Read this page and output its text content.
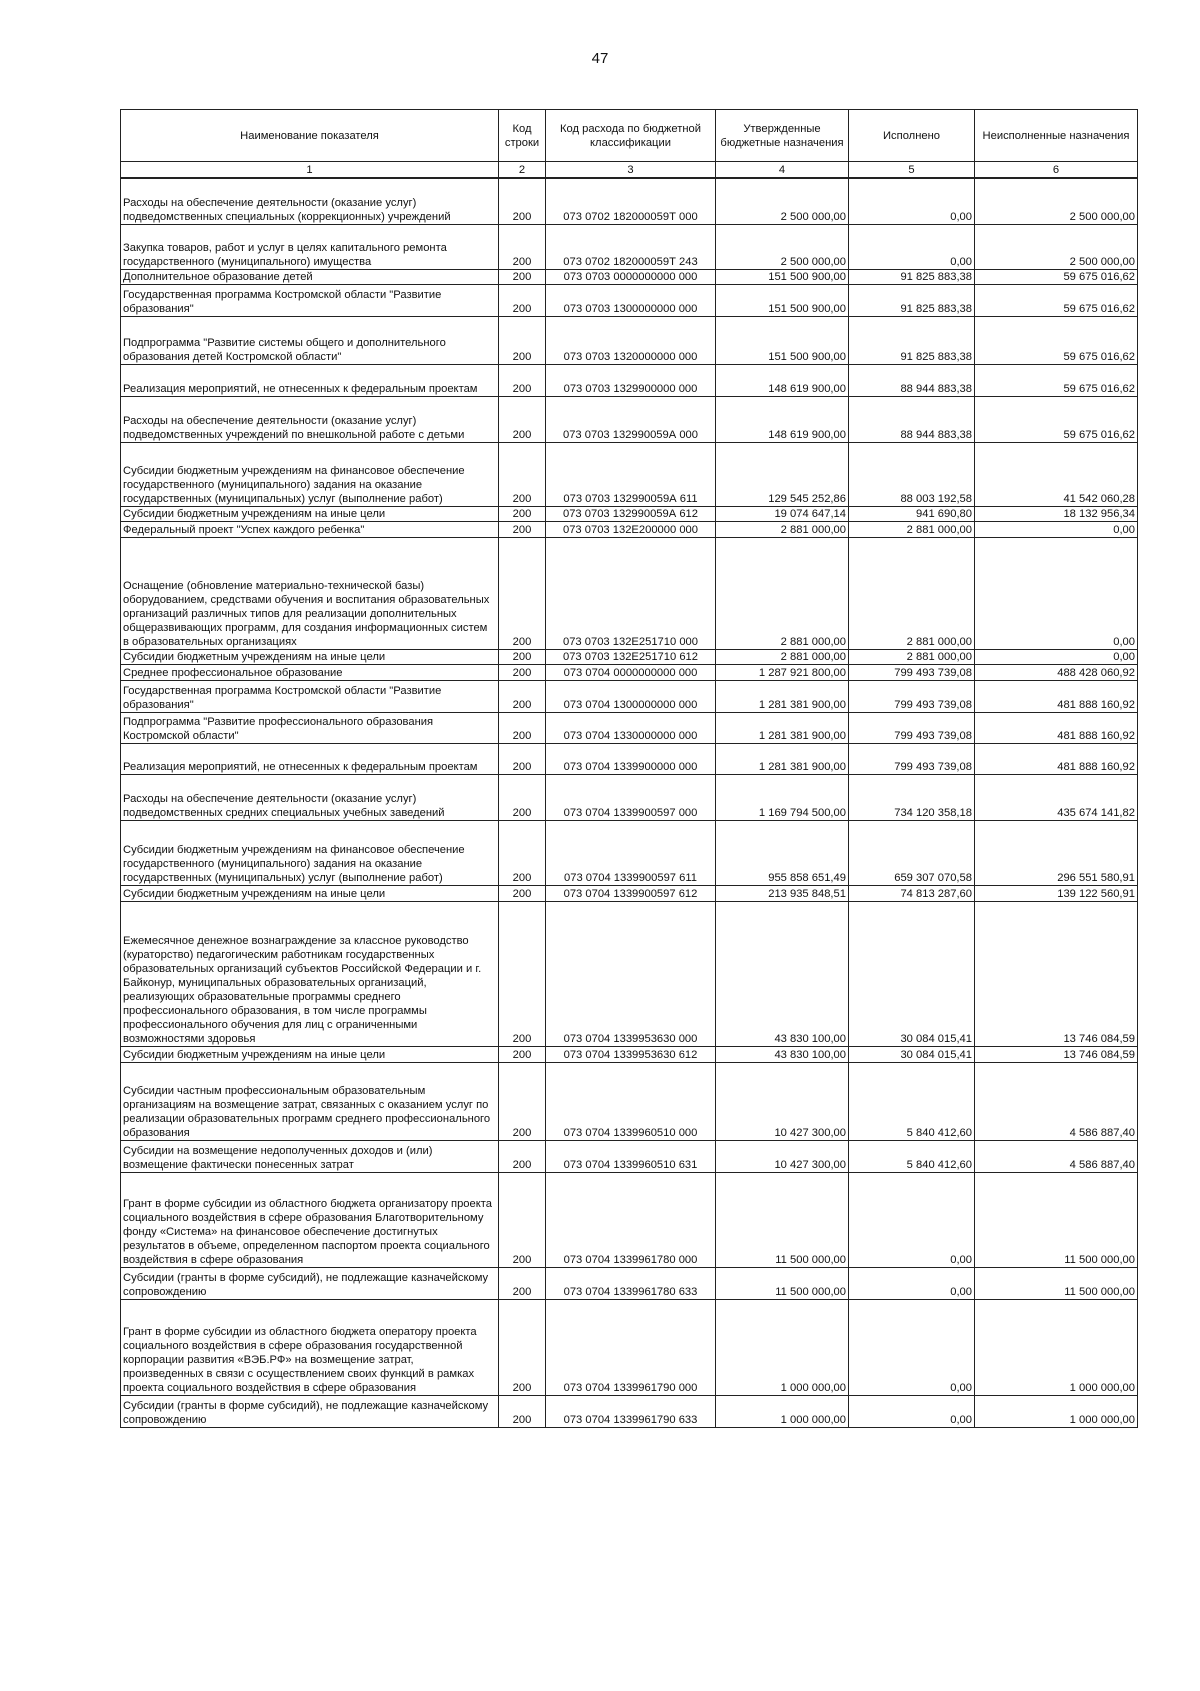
47
Наименование показателя	Код строки	Код расхода по бюджетной классификации	Утвержденные бюджетные назначения	Исполнено	Неисполненные назначения
1	2	3	4	5	6
Расходы на обеспечение деятельности (оказание услуг) подведомственных специальных (коррекционных) учреждений	200	073 0702 182000059Т 000	2 500 000,00	0,00	2 500 000,00
Закупка товаров, работ и услуг в целях капитального ремонта государственного (муниципального) имущества	200	073 0702 182000059Т 243	2 500 000,00	0,00	2 500 000,00
Дополнительное образование детей	200	073 0703 0000000000 000	151 500 900,00	91 825 883,38	59 675 016,62
Государственная программа Костромской области "Развитие образования"	200	073 0703 1300000000 000	151 500 900,00	91 825 883,38	59 675 016,62
Подпрограмма "Развитие системы общего и дополнительного образования детей Костромской области"	200	073 0703 1320000000 000	151 500 900,00	91 825 883,38	59 675 016,62
Реализация мероприятий, не отнесенных к федеральным проектам	200	073 0703 1329900000 000	148 619 900,00	88 944 883,38	59 675 016,62
Расходы на обеспечение деятельности (оказание услуг) подведомственных учреждений по внешкольной работе с детьми	200	073 0703 132990059А 000	148 619 900,00	88 944 883,38	59 675 016,62
Субсидии бюджетным учреждениям на финансовое обеспечение государственного (муниципального) задания на оказание государственных (муниципальных) услуг (выполнение работ)	200	073 0703 132990059А 611	129 545 252,86	88 003 192,58	41 542 060,28
Субсидии бюджетным учреждениям на иные цели	200	073 0703 132990059А 612	19 074 647,14	941 690,80	18 132 956,34
Федеральный проект "Успех каждого ребенка"	200	073 0703 132E200000 000	2 881 000,00	2 881 000,00	0,00
Оснащение (обновление материально-технической базы) оборудованием, средствами обучения и воспитания образовательных организаций различных типов для реализации дополнительных общеразвивающих программ, для создания информационных систем в образовательных организациях	200	073 0703 132E251710 000	2 881 000,00	2 881 000,00	0,00
Субсидии бюджетным учреждениям на иные цели	200	073 0703 132E251710 612	2 881 000,00	2 881 000,00	0,00
Среднее профессиональное образование	200	073 0704 0000000000 000	1 287 921 800,00	799 493 739,08	488 428 060,92
Государственная программа Костромской области "Развитие образования"	200	073 0704 1300000000 000	1 281 381 900,00	799 493 739,08	481 888 160,92
Подпрограмма "Развитие профессионального образования Костромской области"	200	073 0704 1330000000 000	1 281 381 900,00	799 493 739,08	481 888 160,92
Реализация мероприятий, не отнесенных к федеральным проектам	200	073 0704 1339900000 000	1 281 381 900,00	799 493 739,08	481 888 160,92
Расходы на обеспечение деятельности (оказание услуг) подведомственных средних специальных учебных заведений	200	073 0704 1339900597 000	1 169 794 500,00	734 120 358,18	435 674 141,82
Субсидии бюджетным учреждениям на финансовое обеспечение государственного (муниципального) задания на оказание государственных (муниципальных) услуг (выполнение работ)	200	073 0704 1339900597 611	955 858 651,49	659 307 070,58	296 551 580,91
Субсидии бюджетным учреждениям на иные цели	200	073 0704 1339900597 612	213 935 848,51	74 813 287,60	139 122 560,91
Ежемесячное денежное вознаграждение за классное руководство (кураторство) педагогическим работникам государственных образовательных организаций субъектов Российской Федерации и г. Байконур, муниципальных образовательных организаций, реализующих образовательные программы среднего профессионального образования, в том числе программы профессионального обучения для лиц с ограниченными возможностями здоровья	200	073 0704 1339953630 000	43 830 100,00	30 084 015,41	13 746 084,59
Субсидии бюджетным учреждениям на иные цели	200	073 0704 1339953630 612	43 830 100,00	30 084 015,41	13 746 084,59
Субсидии частным профессиональным образовательным организациям на возмещение затрат, связанных с оказанием услуг по реализации образовательных программ среднего профессионального образования	200	073 0704 1339960510 000	10 427 300,00	5 840 412,60	4 586 887,40
Субсидии на возмещение недополученных доходов и (или) возмещение фактически понесенных затрат	200	073 0704 1339960510 631	10 427 300,00	5 840 412,60	4 586 887,40
Грант в форме субсидии из областного бюджета организатору проекта социального воздействия в сфере образования Благотворительному фонду «Система» на финансовое обеспечение достигнутых результатов в объеме, определенном паспортом проекта социального воздействия в сфере образования	200	073 0704 1339961780 000	11 500 000,00	0,00	11 500 000,00
Субсидии (гранты в форме субсидий), не подлежащие казначейскому сопровождению	200	073 0704 1339961780 633	11 500 000,00	0,00	11 500 000,00
Грант в форме субсидии из областного бюджета оператору проекта социального воздействия в сфере образования государственной корпорации развития «ВЭБ.РФ» на возмещение затрат, произведенных в связи с осуществлением своих функций в рамках проекта социального воздействия в сфере образования	200	073 0704 1339961790 000	1 000 000,00	0,00	1 000 000,00
Субсидии (гранты в форме субсидий), не подлежащие казначейскому сопровождению	200	073 0704 1339961790 633	1 000 000,00	0,00	1 000 000,00
